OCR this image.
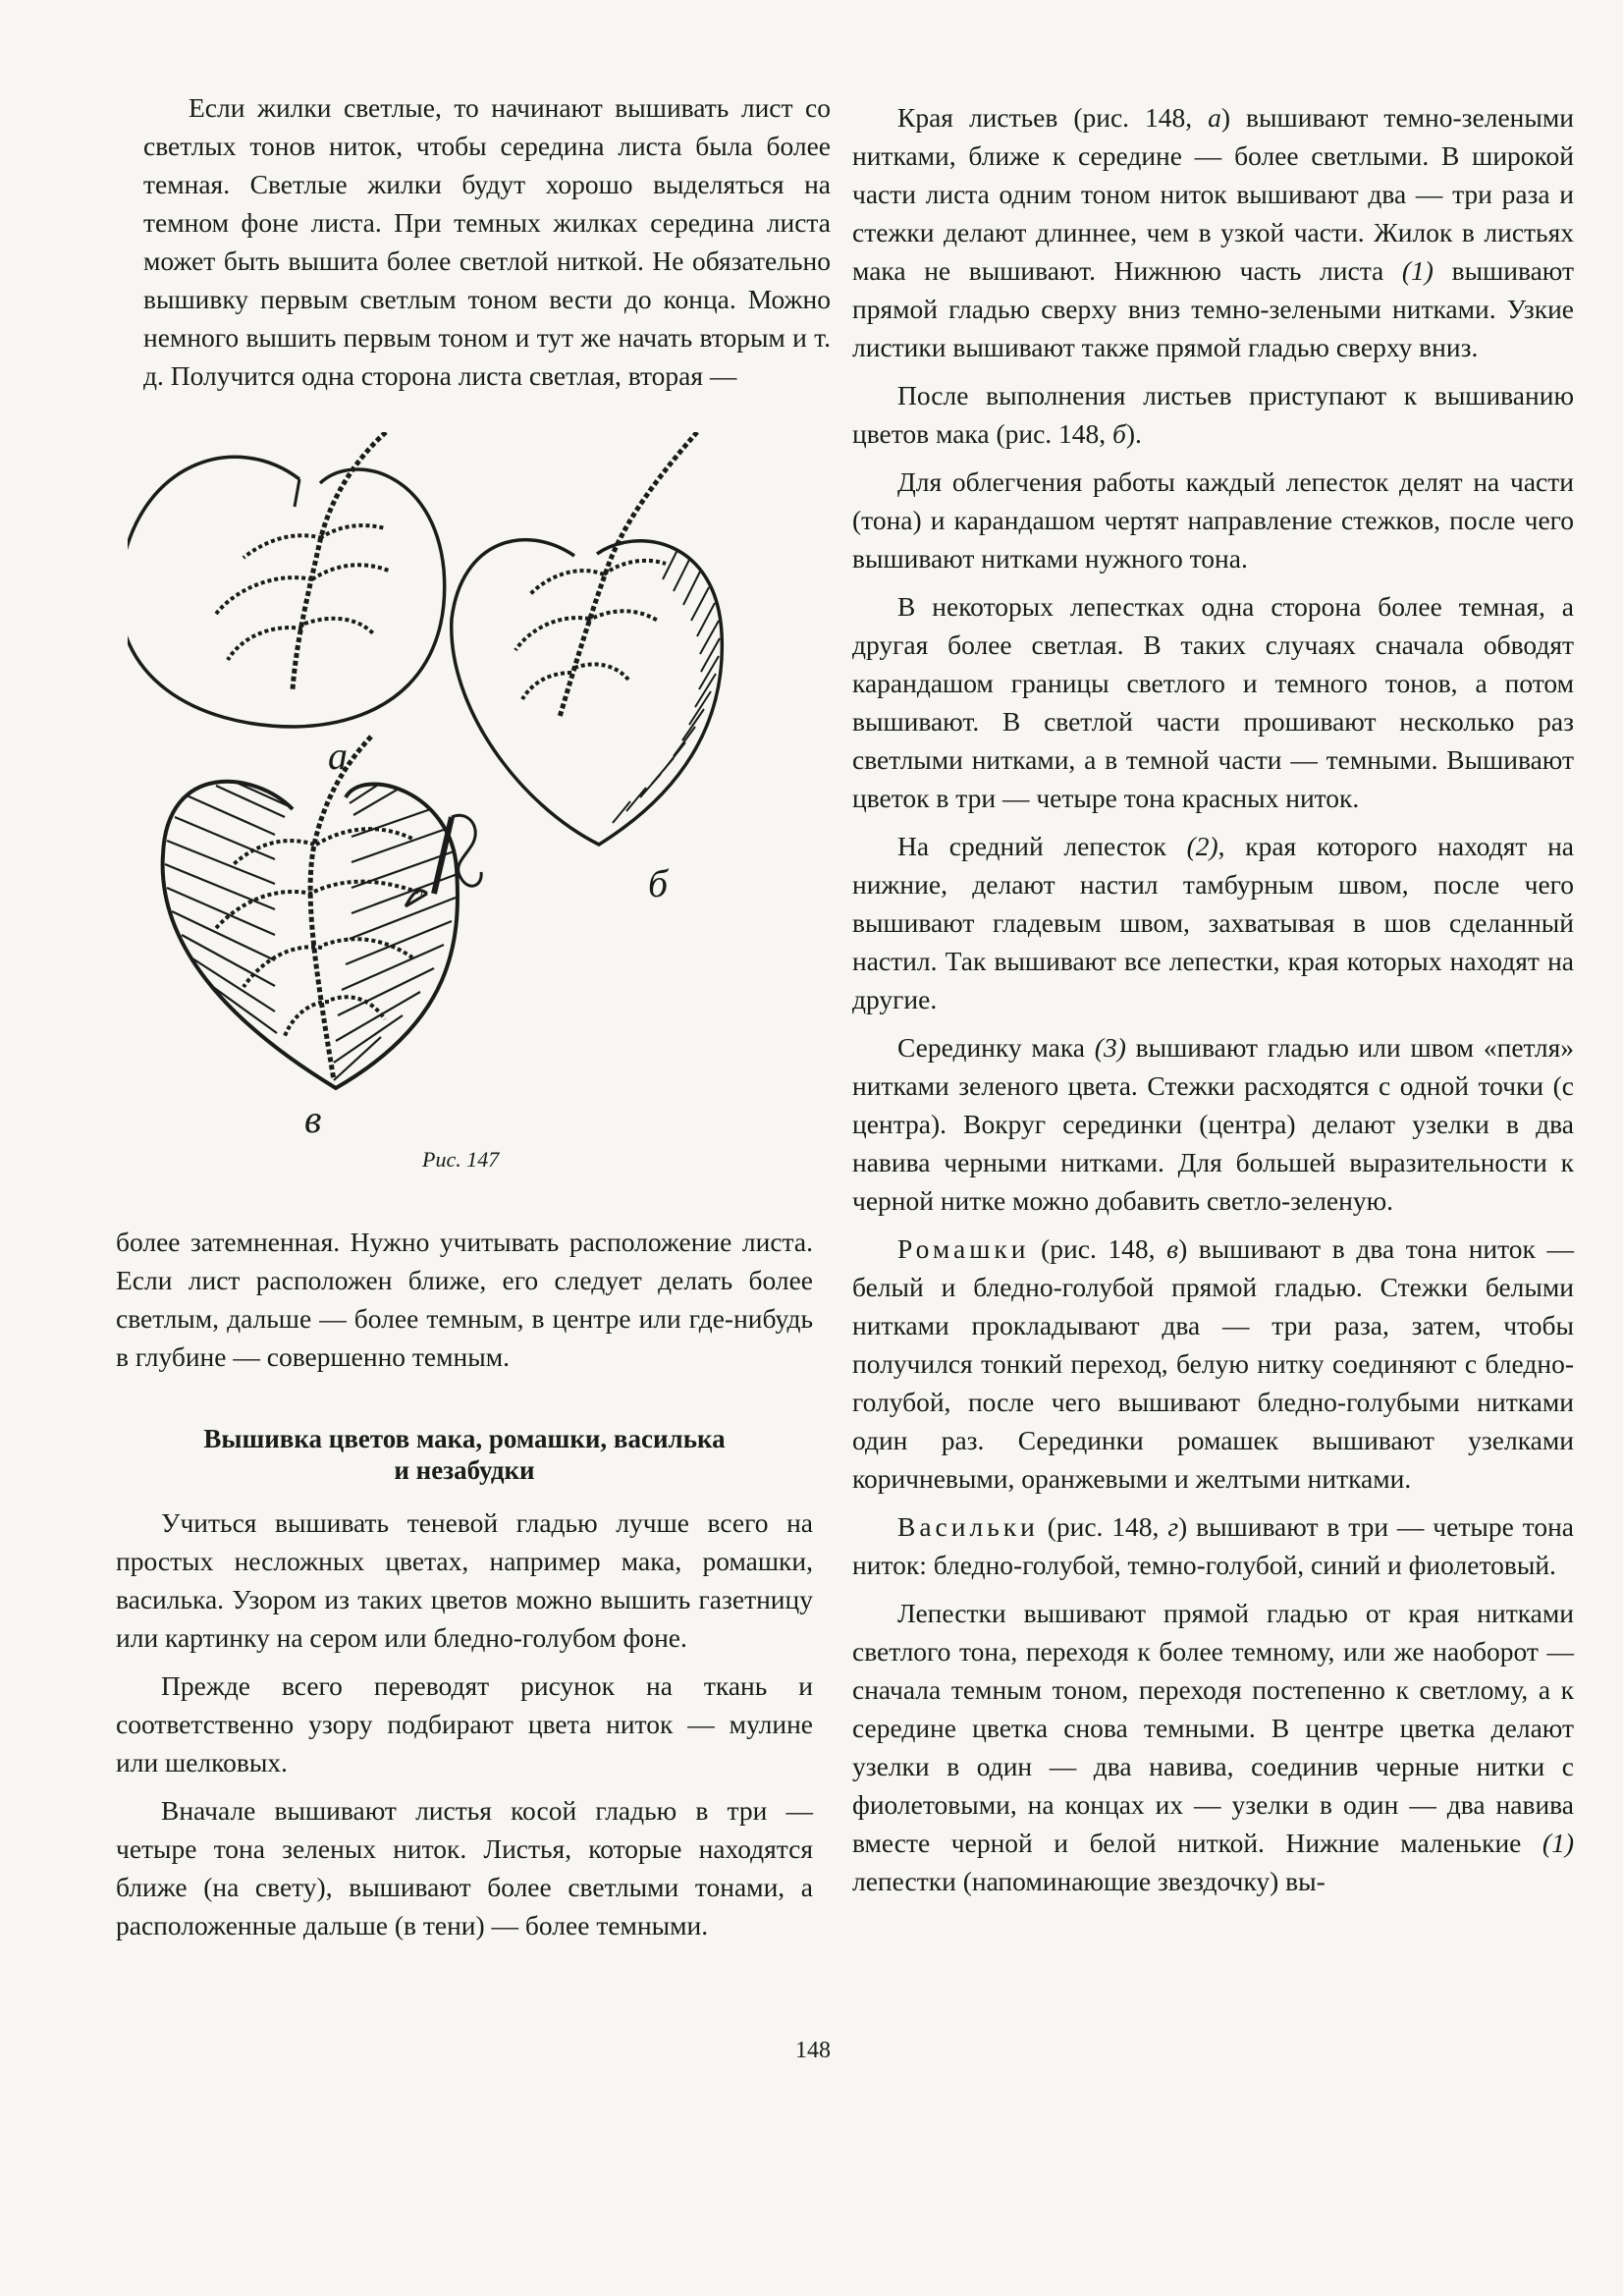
Если жилки светлые, то начинают вышивать лист со светлых тонов ниток, чтобы середина листа была более темная. Светлые жилки будут хорошо выделяться на темном фоне листа. При темных жилках середина листа может быть вышита более светлой ниткой. Не обязательно вышивку первым светлым тоном вести до конца. Можно немного вышить первым тоном и тут же начать вторым и т. д. Получится одна сторона листа светлая, вторая —

а
б
в
Рис. 147

более затемненная. Нужно учитывать расположение листа. Если лист расположен ближе, его следует делать более светлым, дальше — более темным, в центре или где-нибудь в глубине — совершенно темным.

Вышивка цветов мака, ромашки, василька
и незабудки

Учиться вышивать теневой гладью лучше всего на простых несложных цветах, например мака, ромашки, василька. Узором из таких цветов можно вышить газетницу или картинку на сером или бледно-голубом фоне.

Прежде всего переводят рисунок на ткань и соответственно узору подбирают цвета ниток — мулине или шелковых.

Вначале вышивают листья косой гладью в три — четыре тона зеленых ниток. Листья, которые находятся ближе (на свету), вышивают более светлыми тонами, а расположенные дальше (в тени) — более темными.

Края листьев (рис. 148, а) вышивают темно-зелеными нитками, ближе к середине — более светлыми. В широкой части листа одним тоном ниток вышивают два — три раза и стежки делают длиннее, чем в узкой части. Жилок в листьях мака не вышивают. Нижнюю часть листа (1) вышивают прямой гладью сверху вниз темно-зелеными нитками. Узкие листики вышивают также прямой гладью сверху вниз.

После выполнения листьев приступают к вышиванию цветов мака (рис. 148, б).

Для облегчения работы каждый лепесток делят на части (тона) и карандашом чертят направление стежков, после чего вышивают нитками нужного тона.

В некоторых лепестках одна сторона более темная, а другая более светлая. В таких случаях сначала обводят карандашом границы светлого и темного тонов, а потом вышивают. В светлой части прошивают несколько раз светлыми нитками, а в темной части — темными. Вышивают цветок в три — четыре тона красных ниток.

На средний лепесток (2), края которого находят на нижние, делают настил тамбурным швом, после чего вышивают гладевым швом, захватывая в шов сделанный настил. Так вышивают все лепестки, края которых находят на другие.

Серединку мака (3) вышивают гладью или швом «петля» нитками зеленого цвета. Стежки расходятся с одной точки (с центра). Вокруг серединки (центра) делают узелки в два навива черными нитками. Для большей выразительности к черной нитке можно добавить светло-зеленую.

Ромашки (рис. 148, в) вышивают в два тона ниток — белый и бледно-голубой прямой гладью. Стежки белыми нитками прокладывают два — три раза, затем, чтобы получился тонкий переход, белую нитку соединяют с бледно-голубой, после чего вышивают бледно-голубыми нитками один раз. Серединки ромашек вышивают узелками коричневыми, оранжевыми и желтыми нитками.

Васильки (рис. 148, г) вышивают в три — четыре тона ниток: бледно-голубой, темно-голубой, синий и фиолетовый.

Лепестки вышивают прямой гладью от края нитками светлого тона, переходя к более темному, или же наоборот — сначала темным тоном, переходя постепенно к светлому, а к середине цветка снова темными. В центре цветка делают узелки в один — два навива, соединив черные нитки с фиолетовыми, на концах их — узелки в один — два навива вместе черной и белой ниткой. Нижние маленькие (1) лепестки (напоминающие звездочку) вы-

148
